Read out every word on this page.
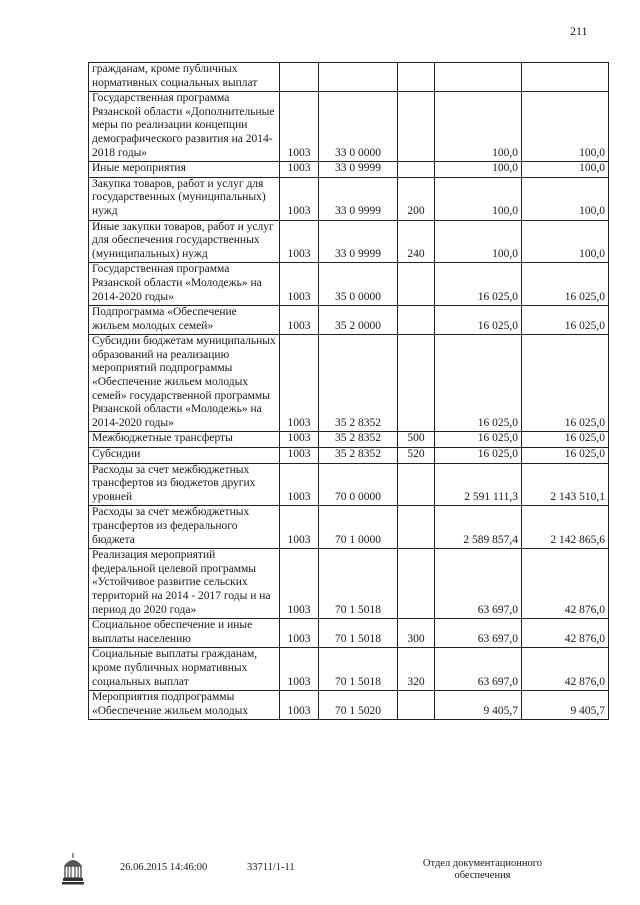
211
гражданам, кроме публичных нормативных социальных выплат					
Государственная программа Рязанской области «Дополнительные меры по реализации концепции демографического развития на 2014-2018 годы»	1003	33 0 0000		100,0	100,0
Иные мероприятия	1003	33 0 9999		100,0	100,0
Закупка товаров, работ и услуг для государственных (муниципальных) нужд	1003	33 0 9999	200	100,0	100,0
Иные закупки товаров, работ и услуг для обеспечения государственных (муниципальных) нужд	1003	33 0 9999	240	100,0	100,0
Государственная программа Рязанской области «Молодежь» на 2014-2020 годы»	1003	35 0 0000		16 025,0	16 025,0
Подпрограмма «Обеспечение жильем молодых семей»	1003	35 2 0000		16 025,0	16 025,0
Субсидии бюджетам муниципальных образований на реализацию мероприятий подпрограммы «Обеспечение жильем молодых семей» государственной программы Рязанской области «Молодежь» на 2014-2020 годы»	1003	35 2 8352		16 025,0	16 025,0
Межбюджетные трансферты	1003	35 2 8352	500	16 025,0	16 025,0
Субсидии	1003	35 2 8352	520	16 025,0	16 025,0
Расходы за счет межбюджетных трансфертов из бюджетов других уровней	1003	70 0 0000		2 591 111,3	2 143 510,1
Расходы за счет межбюджетных трансфертов из федерального бюджета	1003	70 1 0000		2 589 857,4	2 142 865,6
Реализация мероприятий федеральной целевой программы «Устойчивое развитие сельских территорий на 2014 - 2017 годы и на период до 2020 года»	1003	70 1 5018		63 697,0	42 876,0
Социальное обеспечение и иные выплаты населению	1003	70 1 5018	300	63 697,0	42 876,0
Социальные выплаты гражданам, кроме публичных нормативных социальных выплат	1003	70 1 5018	320	63 697,0	42 876,0
Мероприятия подпрограммы «Обеспечение жильем молодых	1003	70 1 5020		9 405,7	9 405,7
26.06.2015 14:46:00	33711/1-11	Отдел документационного
обеспечения
